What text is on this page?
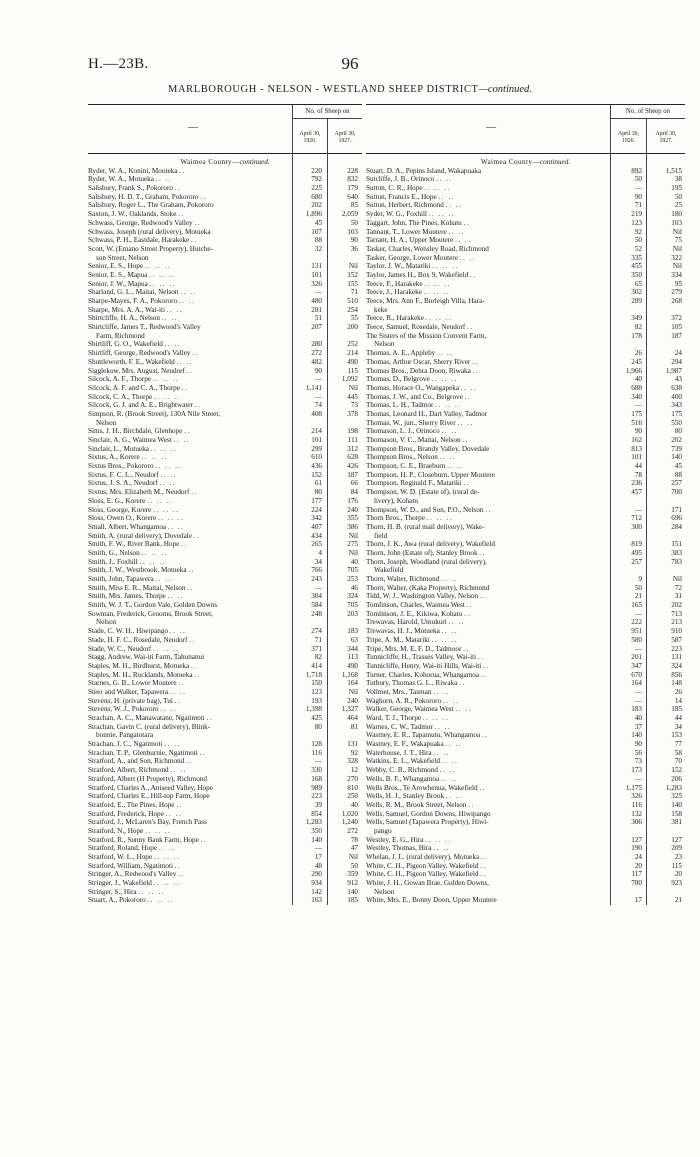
H.—23B.	96
MARLBOROUGH - NELSON - WESTLAND SHEEP DISTRICT—continued.
—
No. of Sheep on
April 30,
1926.
April 30,
1927.
Waimea County—continued.
Ryder, W. A., Konini, Mouteka ..	220	228
Ryder, W. A., Motueka .. ..	792	832
Salisbury, Frank S., Pokororo ..	225	179
Salisbury, H. D. T., Graham, Pokororo ..	680	640
Salisbury, Roger L., The Graham, Pokororo	202	85
Saxton, J. W., Oaklands, Stoke ..	1,896	2,059
Schwass, George, Redwood's Valley ..	45	50
Schwass, Joseph (rural delivery), Motueka	107	103
Schwass, P. H., Eastdale, Harakeke ..	88	90
Scott, W. (Emano Street Property), Hutche-	32	36
son Street, Nelson
Senior, E. S., Hope .. .. ..	131	Nil
Senior, E. S., Mapua .. .. ..	101	152
Senior, J. W., Mapua .. .. ..	326	155
Sharland, G. L., Maitai, Nelson .. ..	—	71
Sharpe-Mayes, F. A., Pokororo .. ..	480	510
Sharpe, Mrs. A. A., Wai-iti .. ..	281	254
Shirtcliffe, H. A., Nelson .. ..	51	55
Shirtcliffe, James T., Redwood's Valley	207	200
Farm, Richmond
Shirtliff, G. O., Wakefield .. ..	280	252
Shirtliff, George, Redwood's Valley ..	272	214
Shuttleworth, F. E., Wakefield .. ..	482	490
Sigglekow, Mrs. August, Neudorf ..	90	115
Silcock, A. F., Thorpe .. .. ..	—	1,092
Silcock, A. F. and C. A., Thorpe ..	1,141	Nil
Silcock, C. A., Thorpe .. .. ..	—	445
Silcock, G. J. and A. E., Brightwater ..	74	73
Simpson, R. (Brook Street), 130A Nile Street,	408	378
Nelson
Sims, J. H., Birchdale, Glenhope ..	214	198
Sinclair, A. G., Waimea West .. ..	101	111
Sinclair, L., Motueka .. .. ..	299	312
Sixtus, A., Korere .. .. ..	610	628
Sixtus Bros., Pokororo .. .. ..	436	426
Sixtus, F. C. L., Neudorf .. ..	152	187
Sixtus, J. S. A., Neudorf .. ..	61	66
Sixtus, Mrs. Elizabeth M., Neudorf ..	80	84
Sloss, E. G., Korere .. .. ..	177	176
Sloss, George, Korere .. .. ..	224	240
Sloss, Owen O., Korere .. .. ..	342	355
Small, Albert, Whangamoa .. ..	407	386
Smith, A. (rural delivery), Dovedale ..	434	Nil
Smith, F. W., River Bank, Hope ..	265	275
Smith, G., Nelson .. .. ..	4	Nil
Smith, J., Foxhill .. .. ..	34	40
Smith, J. W., Westbrook, Motueka ..	766	705
Smith, John, Tapawera .. ..	243	253
Smith, Miss E. R., Maitai, Nelson ..	—	46
Smith, Mrs. James, Thorpe .. ..	304	324
Smith, W. J. T., Gordon Vale, Golden Downs	584	705
Sowman, Frederick, Grooms, Brook Street,	248	203
Nelson
Stade, C. W. H., Hiwipango .. ..	274	183
Stade, H. F. C., Rosedale, Neudorf ..	71	63
Stade, W. C., Neudorf .. .. ..	371	344
Stagg, Andrew, Wai-iti Farm, Tahunanui	82	113
Staples, M. H., Birdhurst, Motueka ..	414	490
Staples, M. H., Rocklands, Motueka ..	1,718	1,168
Starnes, G. B., Lower Moutere ..	150	164
Steer and Walker, Tapawera .. ..	123	Nil
Stevens, H. (private bag), Tui ..	193	240
Stevens, W. J., Pokororo .. ..	1,398	1,327
Strachan, A. C., Manawatane, Ngatimoti ..	425	464
Strachan, Gavin C. (rural delivery), Blink-	80	81
bonnie, Pangatotara
Strachan, J. C., Ngatimoti .. ..	128	131
Strachan, T. P., Glenburnie, Ngatimoti ..	116	92
Stratford, A., and Son, Richmond ..	—	328
Stratford, Albert, Richmond .. ..	330	12
Stratford, Albert (H Property), Richmond	168	270
Stratford, Charles A., Aniseed Valley, Hope	989	810
Stratford, Charles E., Hill-top Farm, Hope	223	250
Stratford, E., The Pines, Hope ..	39	40
Stratford, Frederick, Hope .. ..	854	1,020
Stratford, J., McLaren's Bay, French Pass	1,283	1,240
Stratford, N., Hope .. .. ..	350	272
Stratford, R., Sunny Bank Farm, Hope ..	140	78
Stratford, Roland, Hope .. ..	—	47
Stratford, W. L., Hope .. .. ..	17	Nil
Stratford, William, Ngatimoti ..	48	50
Stringer, A., Redwood's Valley ..	290	359
Stringer, J., Wakefield .. .. ..	934	912
Stringer, S., Hira .. .. ..	142	140
Stuart, A., Pokororo .. .. ..	163	185
—
No. of Sheep on
April 30,
1926.
April 30,
1927.
Waimea County—continued.
Stuart, D. A., Pepins Island, Wakapuaka	892	1,515
Sutcliffe, J. B., Orinoco .. ..	50	38
Sutton, C. R., Hope .. .. ..	—	195
Sutton, Francis E., Hope .. ..	90	50
Sutton, Herbert, Richmond .. ..	71	25
Syder, W. G., Foxhill .. .. ..	219	180
Taggart, John, The Pines, Kohatu ..	123	103
Tannant, T., Lower Moutere .. ..	92	Nil
Tarrant, H. A., Upper Moutere .. ..	50	75
Tasker, Charles, Wensley Road, Richmond	52	Nil
Tasker, George, Lower Moutere .. ..	335	322
Taylor, J. W., Matariki .. .. ..	455	Nil
Taylor, James H., Box 9, Wakefield ..	350	334
Teece, F., Harakeke .. .. ..	65	95
Teece, J., Harakeke .. .. ..	302	279
Teece, Mrs. Ann F., Burleigh Villa, Hara-	289	268
keke
Teece, R., Harakeke .. .. ..	349	372
Teece, Samuel, Rosedale, Neudorf ..	82	105
The Sisters of the Mission Convent Farm,	178	187
Nelson
Thomas, A. E., Appleby .. ..	26	24
Thomas, Arthur Oscar, Sherry River ..	245	294
Thomas Bros., Dehra Doon, Riwaka ..	1,966	1,987
Thomas, D., Belgrove .. .. ..	40	43
Thomas, Horace O., Wangapeka .. ..	688	638
Thomas, J. W., and Co., Belgrove ..	340	400
Thomas, L. H., Tadmor .. .. ..	—	343
Thomas, Leonard H., Dart Valley, Tadmor	175	175
Thomas, W., jun., Sherry River .. ..	516	550
Thomason, L. J., Orinoco .. ..	90	80
Thomason, V. C., Maitai, Nelson ..	162	202
Thompson Bros., Brandy Valley, Dovedale	813	739
Thompson Bros., Nelson .. ..	101	140
Thompson, C. E., Braeburn .. ..	44	45
Thompson, H. P., Closeburn, Upper Moutere	78	88
Thompson, Reginald F., Matariki ..	236	257
Thompson, W. D. (Estate of), (rural de-	457	700
livery), Kohatu
Thompson, W. D., and Son, P.O., Nelson ..	—	171
Thorn Bros., Thorpe .. .. ..	712	696
Thorn, H. B. (rural mail delivery), Wake-	300	284
field
Thorn, J. K., Awa (rural delivery), Wakefield	819	151
Thorn, John (Estate of), Stanley Brook ..	495	383
Thorn, Joseph, Woodland (rural delivery),	257	783
Wakefield
Thorn, Walter, Richmond .. ..	9	Nil
Thorn, Walter, (Kaka Property), Richmond	50	72
Tidd, W. J., Washington Valley, Nelson ..	21	31
Tomlinson, Charles, Waimea West ..	165	202
Tomlinson, J. E., Kikiwa, Kohatu ..	—	713
Trewavas, Harold, Umukuri .. ..	222	213
Trewavas, H. J., Motueka .. ..	951	910
Tripe, A. M., Matariki .. .. ..	580	587
Tripe, Mrs. M. E. F. D., Tadmoor ..	—	223
Tunnicliffe, H., Trasses Valley, Wai-iti ..	201	131
Tunnicliffe, Henry, Wai-iti Hills, Wai-iti ..	347	324
Turner, Charles, Kohorua, Whangamoa ..	670	856
Tutbury, Thomas G. L., Riwaka ..	164	148
Vollmer, Mrs., Tasman .. ..	—	26
Waghorn, A. R., Pokororo .. ..	—	14
Walker, George, Waimea West .. ..	183	185
Ward, T. J., Thorpe .. .. ..	40	44
Warnes, C. W., Tadmor .. ..	37	34
Wastney, E. R., Tapamutu, Whangamoa ..	140	153
Wastney, E. F., Wakapuaka .. ..	90	77
Waterhouse, J. T., Hira .. ..	56	58
Watkins, E. L., Wakefield .. ..	73	70
Webby, C. B., Richmond .. ..	173	152
Wells, B. F., Whangamoa .. ..	—	206
Wells Bros., Te Arowhenua, Wakefield ..	1,175	1,283
Wells, H. J., Stanley Brook .. ..	326	325
Wells, R. M., Brook Street, Nelson ..	116	140
Wells, Samuel, Gordon Downs, Hiwipango	132	158
Wells, Samuel (Tapawera Property), Hiwi-	306	381
pango
Westley, E. G., Hira .. .. ..	127	127
Westley, Thomas, Hira .. ..	190	209
Whelan, J. L. (rural delivery), Motueka ..	24	23
White, C. H., Pigeon Valley, Wakefield ..	20	115
White, C. H., Pigeon Valley, Wakefield ..	117	20
White, J. H., Gowan Brae, Golden Downs,	780	923
Nelson
White, Mrs. E., Bonny Doon, Upper Moutere	17	21
